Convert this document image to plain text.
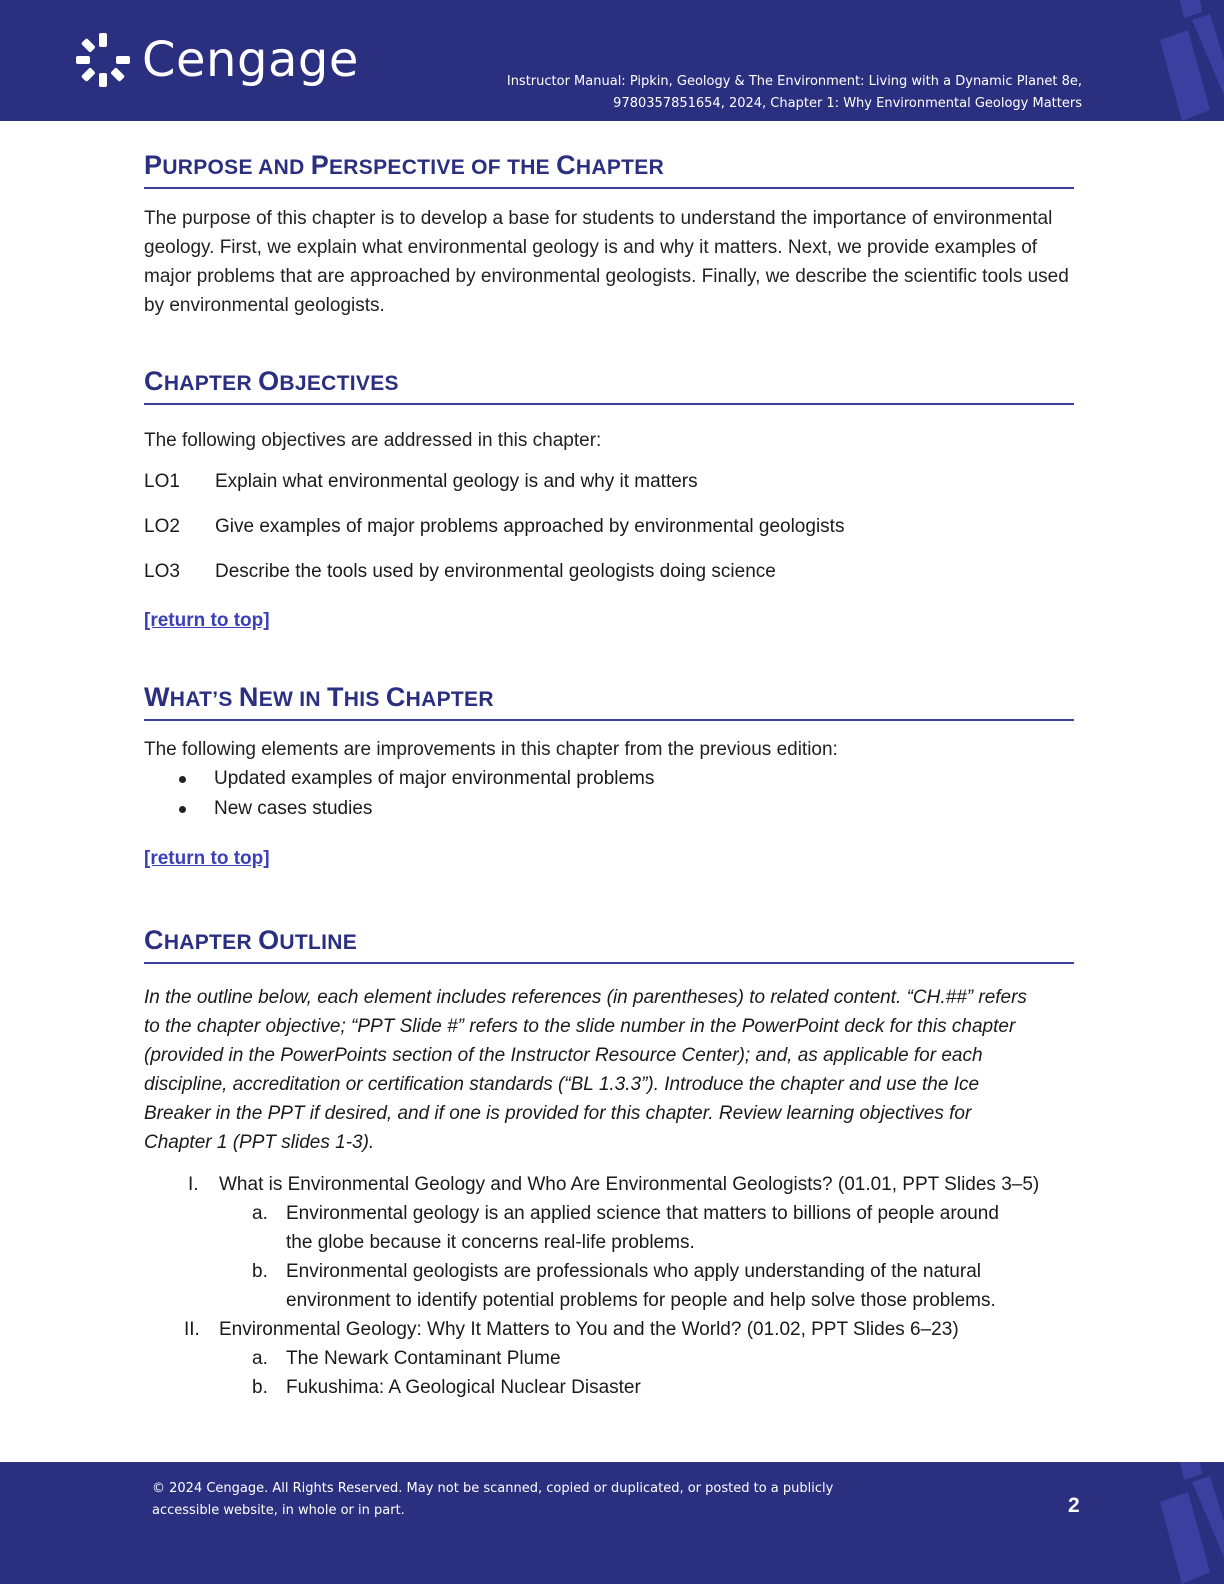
Cengage	Instructor Manual: Pipkin, Geology & The Environment: Living with a Dynamic Planet 8e,
9780357851654, 2024, Chapter 1: Why Environmental Geology Matters
PURPOSE AND PERSPECTIVE OF THE CHAPTER

The purpose of this chapter is to develop a base for students to understand the importance of environmental geology. First, we explain what environmental geology is and why it matters. Next, we provide examples of major problems that are approached by environmental geologists. Finally, we describe the scientific tools used by environmental geologists.

CHAPTER OBJECTIVES

The following objectives are addressed in this chapter:

LO1 Explain what environmental geology is and why it matters
LO2 Give examples of major problems approached by environmental geologists
LO3 Describe the tools used by environmental geologists doing science
[return to top]
WHAT’S NEW IN THIS CHAPTER

The following elements are improvements in this chapter from the previous edition:

Updated examples of major environmental problems
New cases studies
[return to top]
CHAPTER OUTLINE
In the outline below, each element includes references (in parentheses) to related content. “CH.##” refers
to the chapter objective; “PPT Slide #” refers to the slide number in the PowerPoint deck for this chapter
(provided in the PowerPoints section of the Instructor Resource Center); and, as applicable for each
discipline, accreditation or certification standards (“BL 1.3.3”). Introduce the chapter and use the Ice
Breaker in the PPT if desired, and if one is provided for this chapter. Review learning objectives for
Chapter 1 (PPT slides 1-3).
I. What is Environmental Geology and Who Are Environmental Geologists? (01.01, PPT Slides 3–5)
a. Environmental geology is an applied science that matters to billions of people around
the globe because it concerns real-life problems.
b. Environmental geologists are professionals who apply understanding of the natural
environment to identify potential problems for people and help solve those problems.
II. Environmental Geology: Why It Matters to You and the World? (01.02, PPT Slides 6–23)
a. The Newark Contaminant Plume
b. Fukushima: A Geological Nuclear Disaster
© 2024 Cengage. All Rights Reserved. May not be scanned, copied or duplicated, or posted to a publicly
accessible website, in whole or in part.	2
